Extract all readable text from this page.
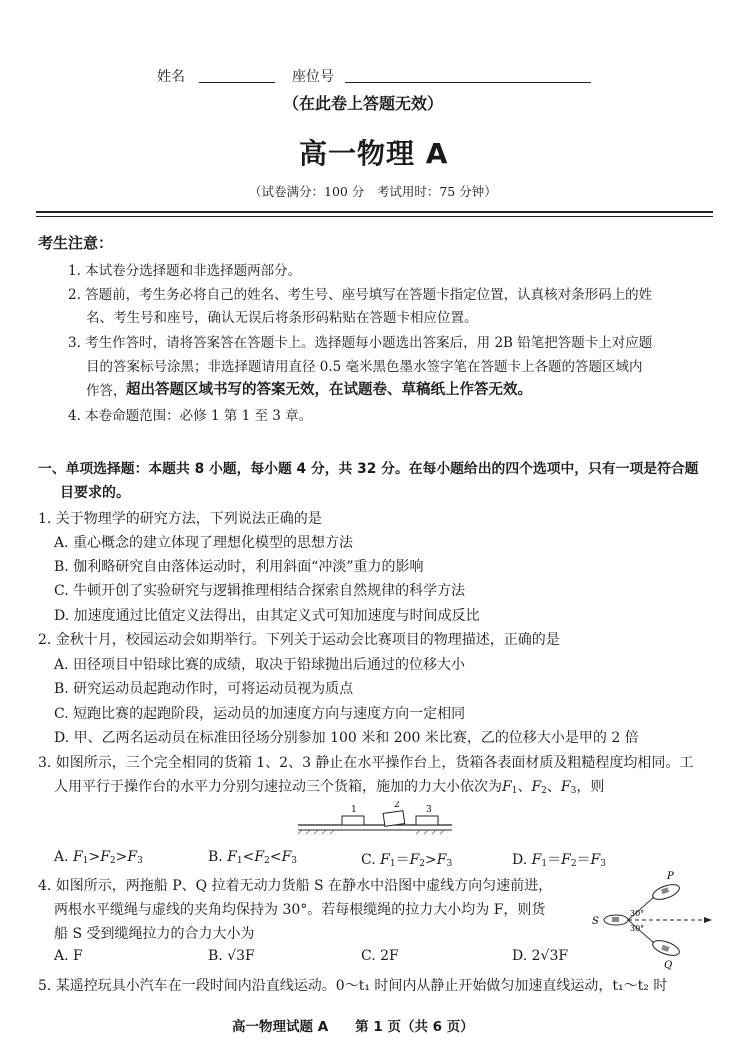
姓名	座位号
（在此卷上答题无效）
高一物理 A
（试卷满分：100 分　考试用时：75 分钟）
考生注意：
1. 本试卷分选择题和非选择题两部分。
2. 答题前，考生务必将自己的姓名、考生号、座号填写在答题卡指定位置，认真核对条形码上的姓
名、考生号和座号，确认无误后将条形码粘贴在答题卡相应位置。
3. 考生作答时，请将答案答在答题卡上。选择题每小题选出答案后，用 2B 铅笔把答题卡上对应题
目的答案标号涂黑；非选择题请用直径 0.5 毫米黑色墨水签字笔在答题卡上各题的答题区域内
作答， 超出答题区域书写的答案无效，在试题卷、草稿纸上作答无效。
4. 本卷命题范围：必修 1 第 1 至 3 章。
一、单项选择题：本题共 8 小题，每小题 4 分，共 32 分。在每小题给出的四个选项中，只有一项是符合题
目要求的。
1. 关于物理学的研究方法，下列说法正确的是
A. 重心概念的建立体现了理想化模型的思想方法
B. 伽利略研究自由落体运动时，利用斜面“冲淡”重力的影响
C. 牛顿开创了实验研究与逻辑推理相结合探索自然规律的科学方法
D. 加速度通过比值定义法得出，由其定义式可知加速度与时间成反比
2. 金秋十月，校园运动会如期举行。下列关于运动会比赛项目的物理描述，正确的是
A. 田径项目中铅球比赛的成绩，取决于铅球抛出后通过的位移大小
B. 研究运动员起跑动作时，可将运动员视为质点
C. 短跑比赛的起跑阶段，运动员的加速度方向与速度方向一定相同
D. 甲、乙两名运动员在标准田径场分别参加 100 米和 200 米比赛，乙的位移大小是甲的 2 倍
3. 如图所示，三个完全相同的货箱 1、2、3 静止在水平操作台上，货箱各表面材质及粗糙程度均相同。工
人用平行于操作台的水平力分别匀速拉动三个货箱，施加的力大小依次为$F_1$、$F_2$、$F_3$，则
1	2	3
A. $F_1>F_2>F_3$	B. $F_1<F_2<F_3$	C. $F_1=F_2>F_3$	D. $F_1=F_2=F_3$
4. 如图所示，两拖船 P、Q 拉着无动力货船 S 在静水中沿图中虚线方向匀速前进，
两根水平缆绳与虚线的夹角均保持为 30°。若每根缆绳的拉力大小均为 F，则货
船 S 受到缆绳拉力的合力大小为
P
Q
S
30°
30°
A. F	B. √3F	C. 2F	D. 2√3F
5. 某遥控玩具小汽车在一段时间内沿直线运动。0～t₁ 时间内从静止开始做匀加速直线运动，t₁～t₂ 时
高一物理试题 A　　第 1 页（共 6 页）
